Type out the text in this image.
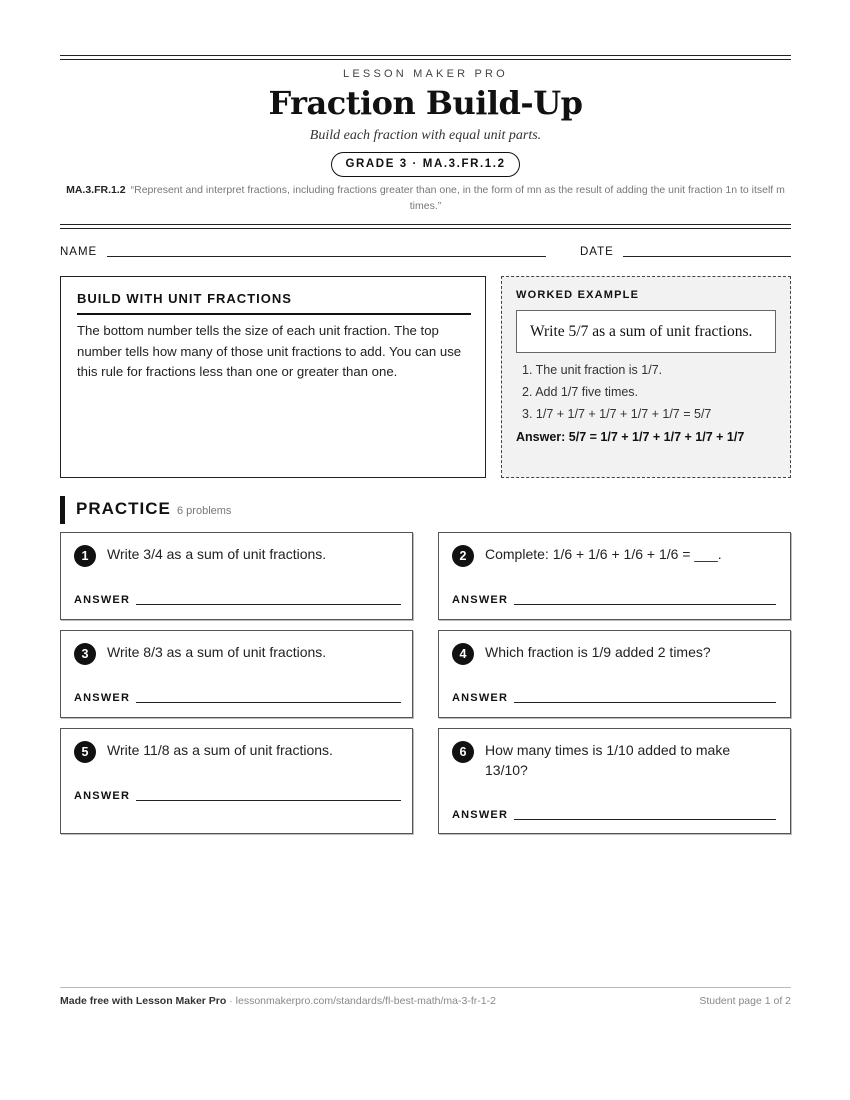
LESSON MAKER PRO
Fraction Build-Up
Build each fraction with equal unit parts.
GRADE 3 · MA.3.FR.1.2
MA.3.FR.1.2 “Represent and interpret fractions, including fractions greater than one, in the form of mn as the result of adding the unit fraction 1n to itself m times.”
NAME	DATE
BUILD WITH UNIT FRACTIONS
The bottom number tells the size of each unit fraction. The top number tells how many of those unit fractions to add. You can use this rule for fractions less than one or greater than one.
WORKED EXAMPLE
Write 5/7 as a sum of unit fractions.
1. The unit fraction is 1/7.
2. Add 1/7 five times.
3. 1/7 + 1/7 + 1/7 + 1/7 + 1/7 = 5/7
Answer: 5/7 = 1/7 + 1/7 + 1/7 + 1/7 + 1/7
PRACTICE 6 problems
1	Write 3/4 as a sum of unit fractions.
ANSWER
2	Complete: 1/6 + 1/6 + 1/6 + 1/6 = ___.
ANSWER
3	Write 8/3 as a sum of unit fractions.
ANSWER
4	Which fraction is 1/9 added 2 times?
ANSWER
5	Write 11/8 as a sum of unit fractions.
ANSWER
6	How many times is 1/10 added to make 13/10?
ANSWER
Made free with Lesson Maker Pro · lessonmakerpro.com/standards/fl-best-math/ma-3-fr-1-2	Student page 1 of 2
